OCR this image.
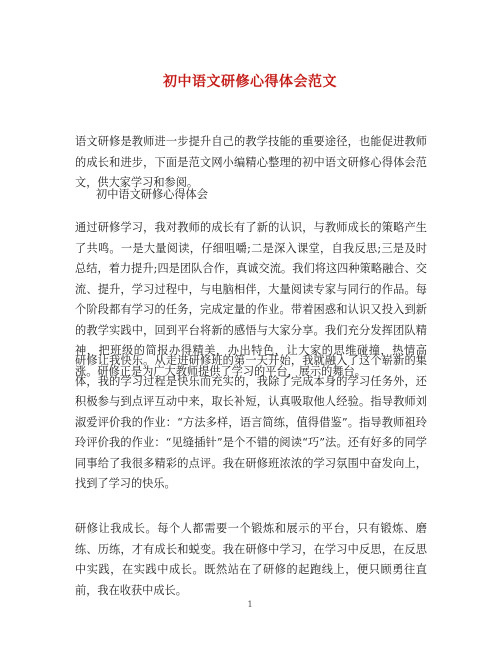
初中语文研修心得体会范文

语文研修是教师进一步提升自己的教学技能的重要途径，也能促进教师的成长和进步，下面是范文网小编精心整理的初中语文研修心得体会范文，供大家学习和参阅。

初中语文研修心得体会

通过研修学习，我对教师的成长有了新的认识，与教师成长的策略产生了共鸣。一是大量阅读，仔细咀嚼;二是深入课堂，自我反思;三是及时总结，着力提升;四是团队合作，真诚交流。我们将这四种策略融合、交流、提升，学习过程中，与电脑相伴，大量阅读专家与同行的作品。每个阶段都有学习的任务，完成定量的作业。带着困惑和认识又投入到新的教学实践中，回到平台将新的感悟与大家分享。我们充分发挥团队精神，把班级的简报办得精美，办出特色，让大家的思维碰撞，热情高涨。研修正是为广大教师提供了学习的平台，展示的舞台。

研修让我快乐。从走进研修班的第一天开始，我就融入了这个崭新的集体，我的学习过程是快乐而充实的，我除了完成本身的学习任务外，还积极参与到点评互动中来，取长补短，认真吸取他人经验。指导教师刘淑爱评价我的作业：“方法多样，语言简练，值得借鉴”。指导教师祖玲玲评价我的作业：“见缝插针”是个不错的阅读“巧”法。还有好多的同学同事给了我很多精彩的点评。我在研修班浓浓的学习氛围中奋发向上，找到了学习的快乐。

研修让我成长。每个人都需要一个锻炼和展示的平台，只有锻炼、磨练、历练，才有成长和蜕变。我在研修中学习，在学习中反思，在反思中实践，在实践中成长。既然站在了研修的起跑线上，便只顾勇往直前，我在收获中成长。

1
